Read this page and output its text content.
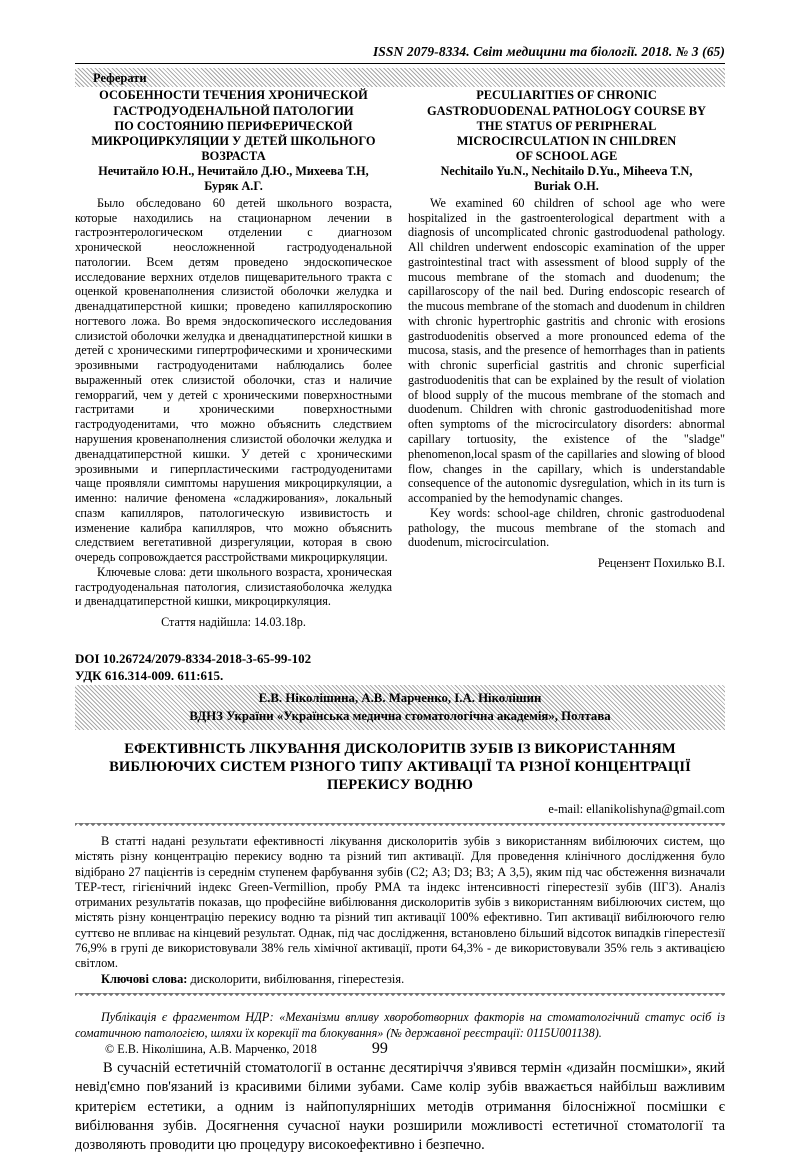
ISSN 2079-8334. Світ медицини та біології. 2018. № 3 (65)
Реферати
ОСОБЕННОСТИ ТЕЧЕНИЯ ХРОНИЧЕСКОЙ
ГАСТРОДУОДЕНАЛЬНОЙ ПАТОЛОГИИ
ПО СОСТОЯНИЮ ПЕРИФЕРИЧЕСКОЙ
МИКРОЦИРКУЛЯЦИИ У ДЕТЕЙ ШКОЛЬНОГО
ВОЗРАСТА
Нечитайло Ю.Н., Нечитайло Д.Ю., Михеева Т.Н,
Буряк А.Г.
Было обследовано 60 детей школьного возраста, которые находились на стационарном лечении в гастроэнтерологическом отделении с диагнозом хронической неосложненной гастродуоденальной патологии. Всем детям проведено эндоскопическое исследование верхних отделов пищеварительного тракта с оценкой кровенаполнения слизистой оболочки желудка и двенадцатиперстной кишки; проведено капилляроскопию ногтевого ложа. Во время эндоскопического исследования слизистой оболочки желудка и двенадцатиперстной кишки в детей с хроническими гипертрофическими и хроническими эрозивными гастродуоденитами наблюдались более выраженный отек слизистой оболочки, стаз и наличие геморрагий, чем у детей с хроническими поверхностными гастритами и хроническими поверхностными гастродуоденитами, что можно объяснить следствием нарушения кровенаполнения слизистой оболочки желудка и двенадцатиперстной кишки. У детей с хроническими эрозивными и гиперпластическими гастродуоденитами чаще проявляли симптомы нарушения микроциркуляции, а именно: наличие феномена «сладжирования», локальный спазм капилляров, патологическую извивистость и изменение калибра капилляров, что можно объяснить следствием вегетативной дизрегуляции, которая в свою очередь сопровождается расстройствами микроциркуляции.
Ключевые слова: дети школьного возраста, хроническая гастродуоденальная патология, слизистаяоболочка желудка и двенадцатиперстной кишки, микроциркуляция.
Стаття надійшла: 14.03.18р.
PECULIARITIES OF CHRONIC
GASTRODUODENAL PATHOLOGY COURSE BY
THE STATUS OF PERIPHERAL
MICROCIRCULATION IN CHILDREN
OF SCHOOL AGE
Nechitailo Yu.N., Nechitailo D.Yu., Miheeva T.N,
Buriak O.H.
We examined 60 children of school age who were hospitalized in the gastroenterological department with a diagnosis of uncomplicated chronic gastroduodenal pathology. All children underwent endoscopic examination of the upper gastrointestinal tract with assessment of blood supply of the mucous membrane of the stomach and duodenum; the capillaroscopy of the nail bed. During endoscopic research of the mucous membrane of the stomach and duodenum in children with chronic hypertrophic gastritis and chronic with erosions gastroduodenitis observed a more pronounced edema of the mucosa, stasis, and the presence of hemorrhages than in patients with chronic superficial gastritis and chronic superficial gastroduodenitis that can be explained by the result of violation of blood supply of the mucous membrane of the stomach and duodenum. Children with chronic gastroduodenitishad more often symptoms of the microcirculatory disorders: abnormal capillary tortuosity, the existence of the "sladge" phenomenon,local spasm of the capillaries and slowing of blood flow, changes in the capillary, which is understandable consequence of the autonomic dysregulation, which in its turn is accompanied by the hemodynamic changes.
Key words: school-age children, chronic gastroduodenal pathology, the mucous membrane of the stomach and duodenum, microcirculation.
Рецензент Похилько В.І.
DOI 10.26724/2079-8334-2018-3-65-99-102
УДК 616.314-009. 611:615.
Е.В. Ніколішина, А.В. Марченко, І.А. Ніколішин
ВДНЗ України «Українська медична стоматологічна академія», Полтава
ЕФЕКТИВНІСТЬ ЛІКУВАННЯ ДИСКОЛОРИТІВ ЗУБІВ ІЗ ВИКОРИСТАННЯМ
ВИБЛЮЮЧИХ СИСТЕМ РІЗНОГО ТИПУ АКТИВАЦІЇ ТА РІЗНОЇ КОНЦЕНТРАЦІЇ
ПЕРЕКИСУ ВОДНЮ
e-mail: ellanikolishyna@gmail.com
В статті надані результати ефективності лікування дисколоритів зубів з використанням вибілюючих систем, що містять різну концентрацію перекису водню та різний тип активації. Для проведення клінічного дослідження було відібрано 27 пацієнтів із середнім ступенем фарбування зубів (С2; А3; D3; В3; А 3,5), яким під час обстеження визначали ТЕР-тест, гігієнічний індекс Green-Vermillion, пробу РМА та індекс інтенсивності гіперестезії зубів (ІІГЗ). Аналіз отриманих результатів показав, що професійне вибілювання дисколоритів зубів з використанням вибілюючих систем, що містять різну концентрацію перекису водню та різний тип активації 100% ефективно. Тип активації вибілюючого гелю суттєво не впливає на кінцевий результат. Однак, під час дослідження, встановлено більший відсоток випадків гіперестезії 76,9% в групі де використовували 38% гель хімічної активації, проти 64,3% - де використовували 35% гель з активацією світлом.
Ключові слова: дисколорити, вибілювання, гіперестезія.
Публікація є фрагментом НДР: «Механізми впливу хвороботворних факторів на стоматологічний статус осіб із соматичною патологією, шляхи їх корекції та блокування» (№ державної реєстрації: 0115U001138).
В сучасній естетичній стоматології в останнє десятиріччя з'явився термін «дизайн посмішки», який невід'ємно пов'язаний із красивими білими зубами. Саме колір зубів вважається найбільш важливим критерієм естетики, а одним із найпопулярніших методів отримання білосніжної посмішки є вибілювання зубів. Досягнення сучасної науки розширили можливості естетичної стоматології та дозволяють проводити цю процедуру високоефективно і безпечно.
© Е.В. Ніколішина, А.В. Марченко, 2018	99
